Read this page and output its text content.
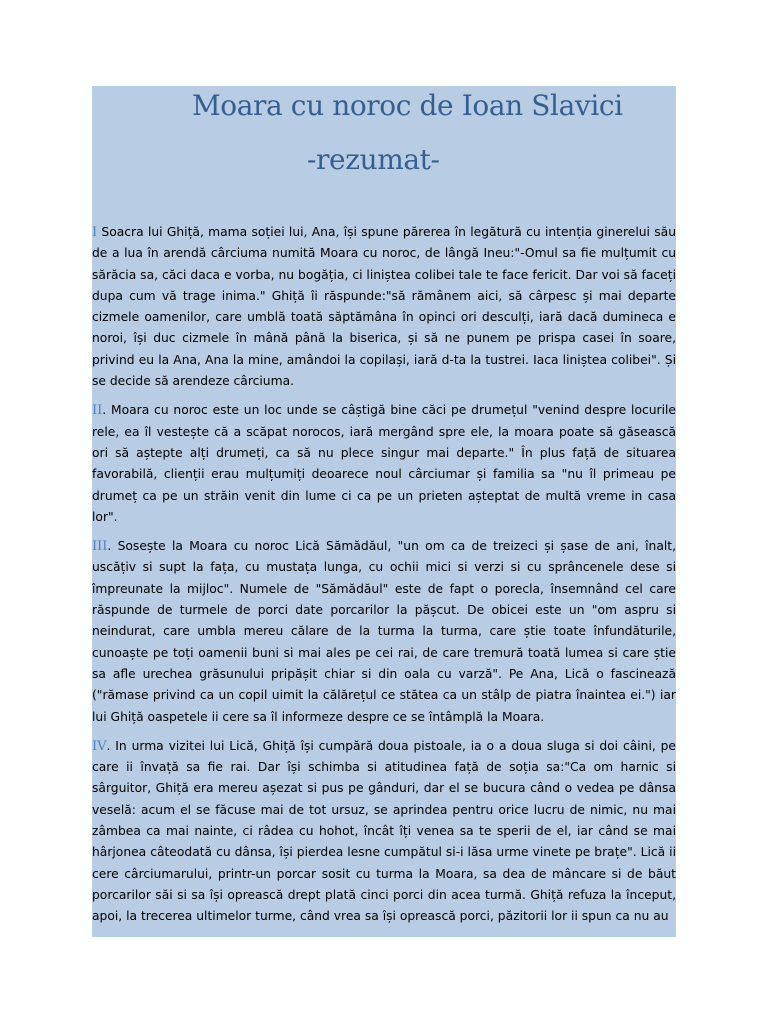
Moara cu noroc de Ioan Slavici
-rezumat-

I Soacra lui Ghiță, mama soției lui, Ana, își spune părerea în legătură cu intenția ginerelui său de a lua în arendă cârciuma numită Moara cu noroc, de lângă Ineu:"-Omul sa fie mulțumit cu sărăcia sa, căci daca e vorba, nu bogăția, ci liniștea colibei tale te face fericit. Dar voi să faceți dupa cum vă trage inima." Ghiță îi răspunde:"să rămânem aici, să cârpesc și mai departe cizmele oamenilor, care umblă toată săptămâna în opinci ori desculți, iară dacă dumineca e noroi, își duc cizmele în mână până la biserica, și să ne punem pe prispa casei în soare, privind eu la Ana, Ana la mine, amândoi la copilași, iară d-ta la tustrei. Iaca liniștea colibei". Și se decide să arendeze cârciuma.

II. Moara cu noroc este un loc unde se câștigă bine căci pe drumețul "venind despre locurile rele, ea îl vestește că a scăpat norocos, iară mergând spre ele, la moara poate să găsească ori să aștepte alți drumeți, ca să nu plece singur mai departe." În plus față de situarea favorabilă, clienții erau mulțumiți deoarece noul cârciumar și familia sa "nu îl primeau pe drumeț ca pe un străin venit din lume ci ca pe un prieten așteptat de multă vreme in casa lor".

III. Sosește la Moara cu noroc Lică Sămădăul, "un om ca de treizeci și șase de ani, înalt, uscățiv si supt la fața, cu mustața lunga, cu ochii mici si verzi si cu sprâncenele dese si împreunate la mijloc". Numele de "Sămădăul" este de fapt o porecla, însemnând cel care răspunde de turmele de porci date porcarilor la pășcut. De obicei este un "om aspru si neindurat, care umbla mereu călare de la turma la turma, care știe toate înfundăturile, cunoaște pe toți oamenii buni si mai ales pe cei rai, de care tremură toată lumea si care știe sa afle urechea grăsunului pripășit chiar si din oala cu varză". Pe Ana, Lică o fascinează ("rămase privind ca un copil uimit la călărețul ce stătea ca un stâlp de piatra înaintea ei.") iar lui Ghiță oaspetele ii cere sa îl informeze despre ce se întâmplă la Moara.

IV. In urma vizitei lui Lică, Ghiță își cumpără doua pistoale, ia o a doua sluga si doi câini, pe care ii învață sa fie rai. Dar își schimba si atitudinea față de soția sa:"Ca om harnic si sârguitor, Ghiță era mereu așezat si pus pe gânduri, dar el se bucura când o vedea pe dânsa veselă: acum el se făcuse mai de tot ursuz, se aprindea pentru orice lucru de nimic, nu mai zâmbea ca mai nainte, ci râdea cu hohot, încât îți venea sa te sperii de el, iar când se mai hârjonea câteodată cu dânsa, își pierdea lesne cumpătul si-i lăsa urme vinete pe brațe". Lică ii cere cârciumarului, printr-un porcar sosit cu turma la Moara, sa dea de mâncare si de băut porcarilor săi si sa își oprească drept plată cinci porci din acea turmă. Ghiță refuza la început, apoi, la trecerea ultimelor turme, când vrea sa își oprească porci, păzitorii lor ii spun ca nu au
